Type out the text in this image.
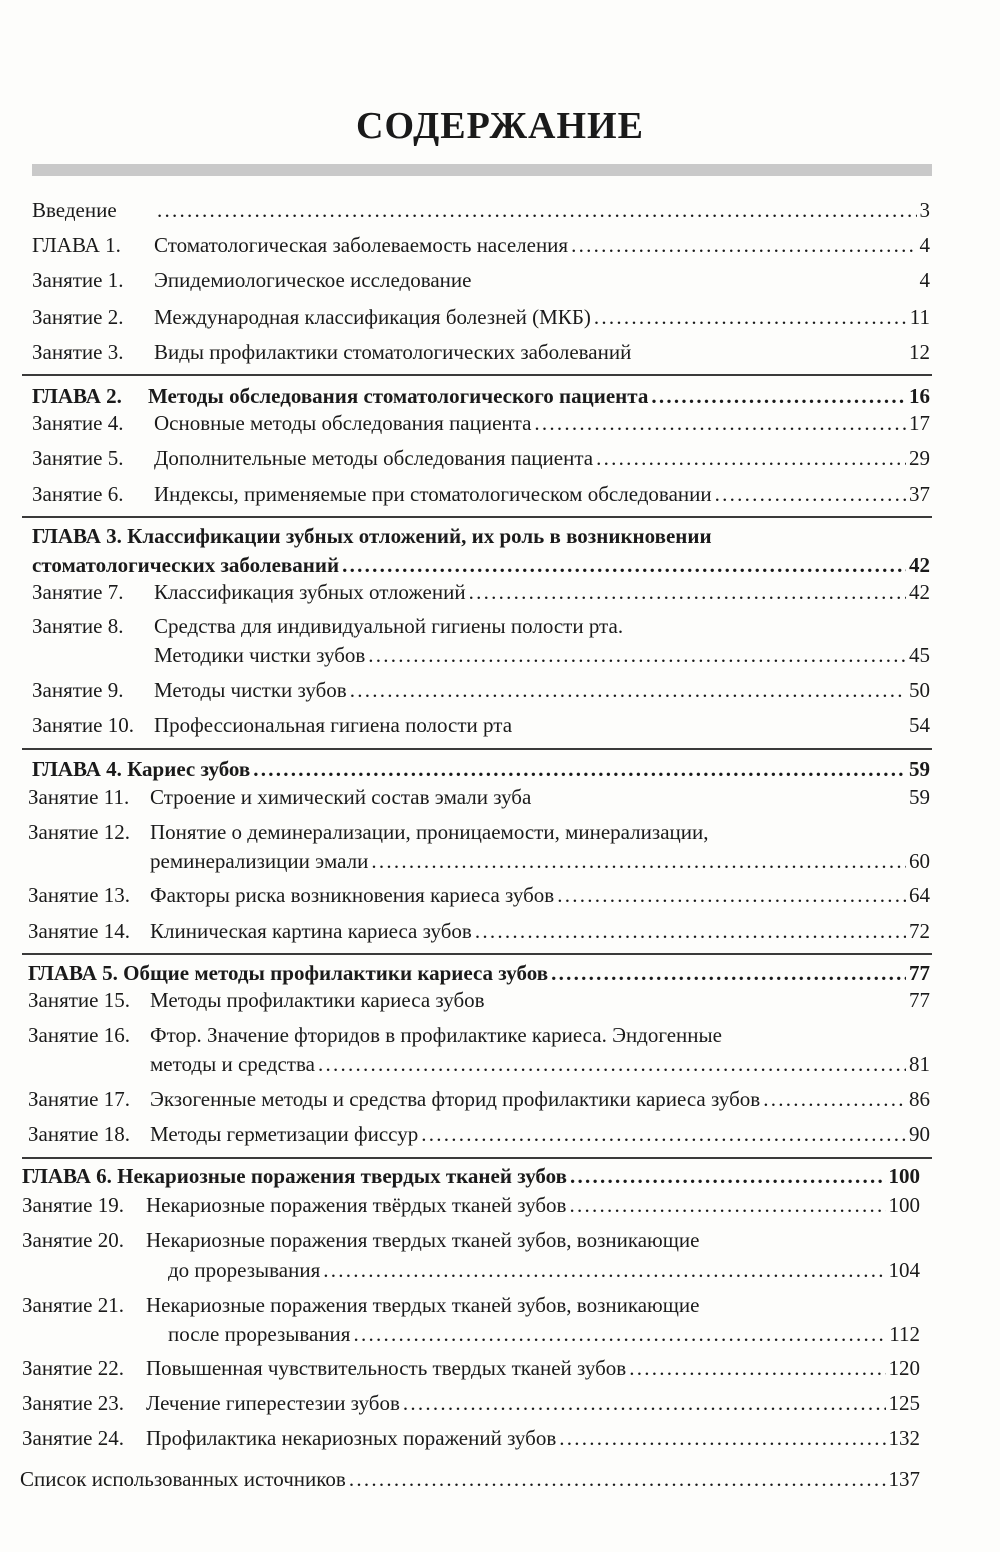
СОДЕРЖАНИЕ
Введение . . .	3
ГЛАВА 1.	Стоматологическая заболеваемость населения . . .	4
Занятие 1.	Эпидемиологическое исследование	4
Занятие 2.	Международная классификация болезней (МКБ) . . .	11
Занятие 3.	Виды профилактики стоматологических заболеваний	12
ГЛАВА 2.	Методы обследования стоматологического пациента . . .	16
Занятие 4.	Основные методы обследования пациента . . .	17
Занятие 5.	Дополнительные методы обследования пациента . . .	29
Занятие 6.	Индексы, применяемые при стоматологическом обследовании . . .	37
ГЛАВА 3. Классификации зубных отложений, их роль в возникновении
стоматологических заболеваний . . .	42
Занятие 7.	Классификация зубных отложений . . .	42
Занятие 8. Средства для индивидуальной гигиены полости рта.
Методики чистки зубов . . .	45
Занятие 9.	Методы чистки зубов . . .	50
Занятие 10. Профессиональная гигиена полости рта	54
ГЛАВА 4. Кариес зубов . . .	59
Занятие 11. Строение и химический состав эмали зуба	59
Занятие 12. Понятие о деминерализации, проницаемости, минерализации,
реминерализиции эмали . . .	60
Занятие 13. Факторы риска возникновения кариеса зубов . . .	64
Занятие 14. Клиническая картина кариеса зубов . . .	72
ГЛАВА 5. Общие методы профилактики кариеса зубов . . .	77
Занятие 15. Методы профилактики кариеса зубов	77
Занятие 16. Фтор. Значение фторидов в профилактике кариеса. Эндогенные
методы и средства . . .	81
Занятие 17. Экзогенные методы и средства фторид профилактики кариеса зубов . . .	86
Занятие 18. Методы герметизации фиссур . . .	90
ГЛАВА 6. Некариозные поражения твердых тканей зубов . . .	100
Занятие 19.	Некариозные поражения твёрдых тканей зубов . . .	100
Занятие 20. Некариозные поражения твердых тканей зубов, возникающие
до прорезывания . . .	104
Занятие 21. Некариозные поражения твердых тканей зубов, возникающие
после прорезывания . . .	112
Занятие 22.	Повышенная чувствительность твердых тканей зубов . . .	120
Занятие 23.	Лечение гиперестезии зубов . . .	125
Занятие 24.	Профилактика некариозных поражений зубов . . .	132
Список использованных источников . . .	137
